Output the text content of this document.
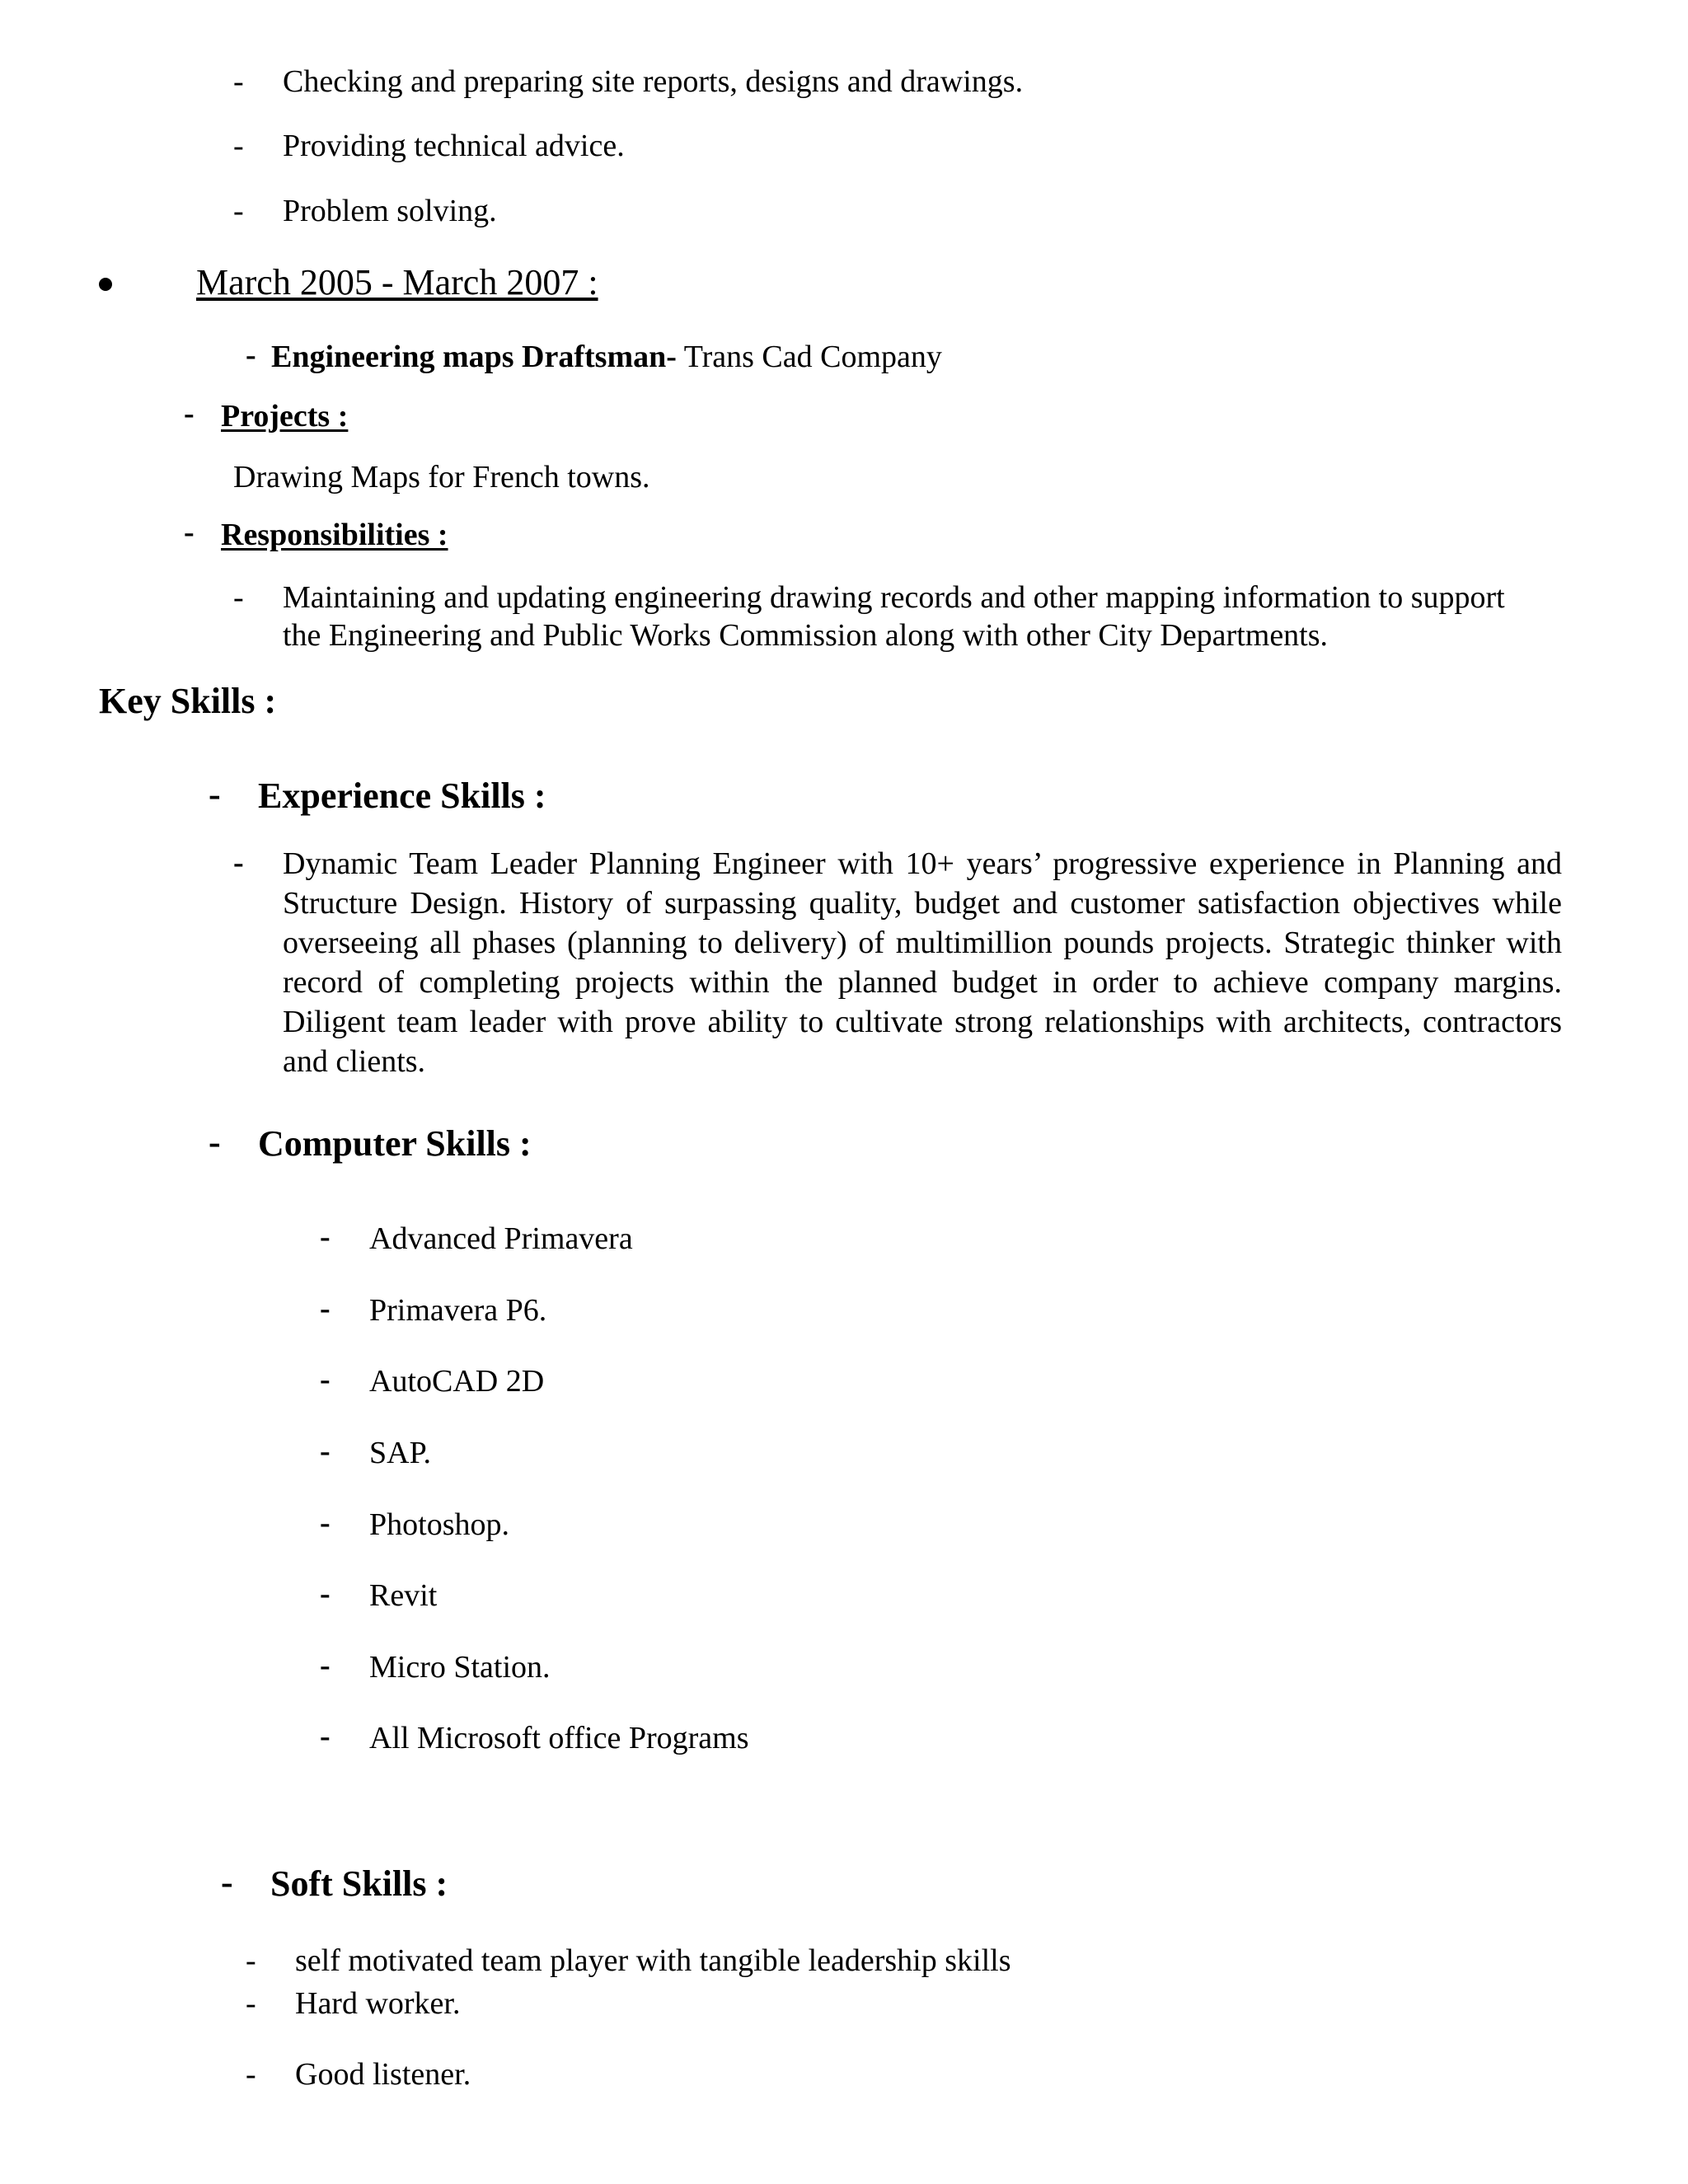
- Checking and preparing site reports, designs and drawings.
- Providing technical advice.
- Problem solving.
March 2005 - March 2007 :
- Engineering maps Draftsman- Trans Cad Company
- Projects :
Drawing Maps for French towns.
- Responsibilities :
- Maintaining and updating engineering drawing records and other mapping information to support
the Engineering and Public Works Commission along with other City Departments.
Key Skills :
- Experience Skills :
- Dynamic Team Leader Planning Engineer with 10+ years’ progressive experience in Planning and Structure Design. History of surpassing quality, budget and customer satisfaction objectives while overseeing all phases (planning to delivery) of multimillion pounds projects. Strategic thinker with record of completing projects within the planned budget in order to achieve company margins. Diligent team leader with prove ability to cultivate strong relationships with architects, contractors and clients.
- Computer Skills :
- Advanced Primavera
- Primavera P6.
- AutoCAD 2D
- SAP.
- Photoshop.
- Revit
- Micro Station.
- All Microsoft office Programs
- Soft Skills :
- self motivated team player with tangible leadership skills
- Hard worker.
- Good listener.
